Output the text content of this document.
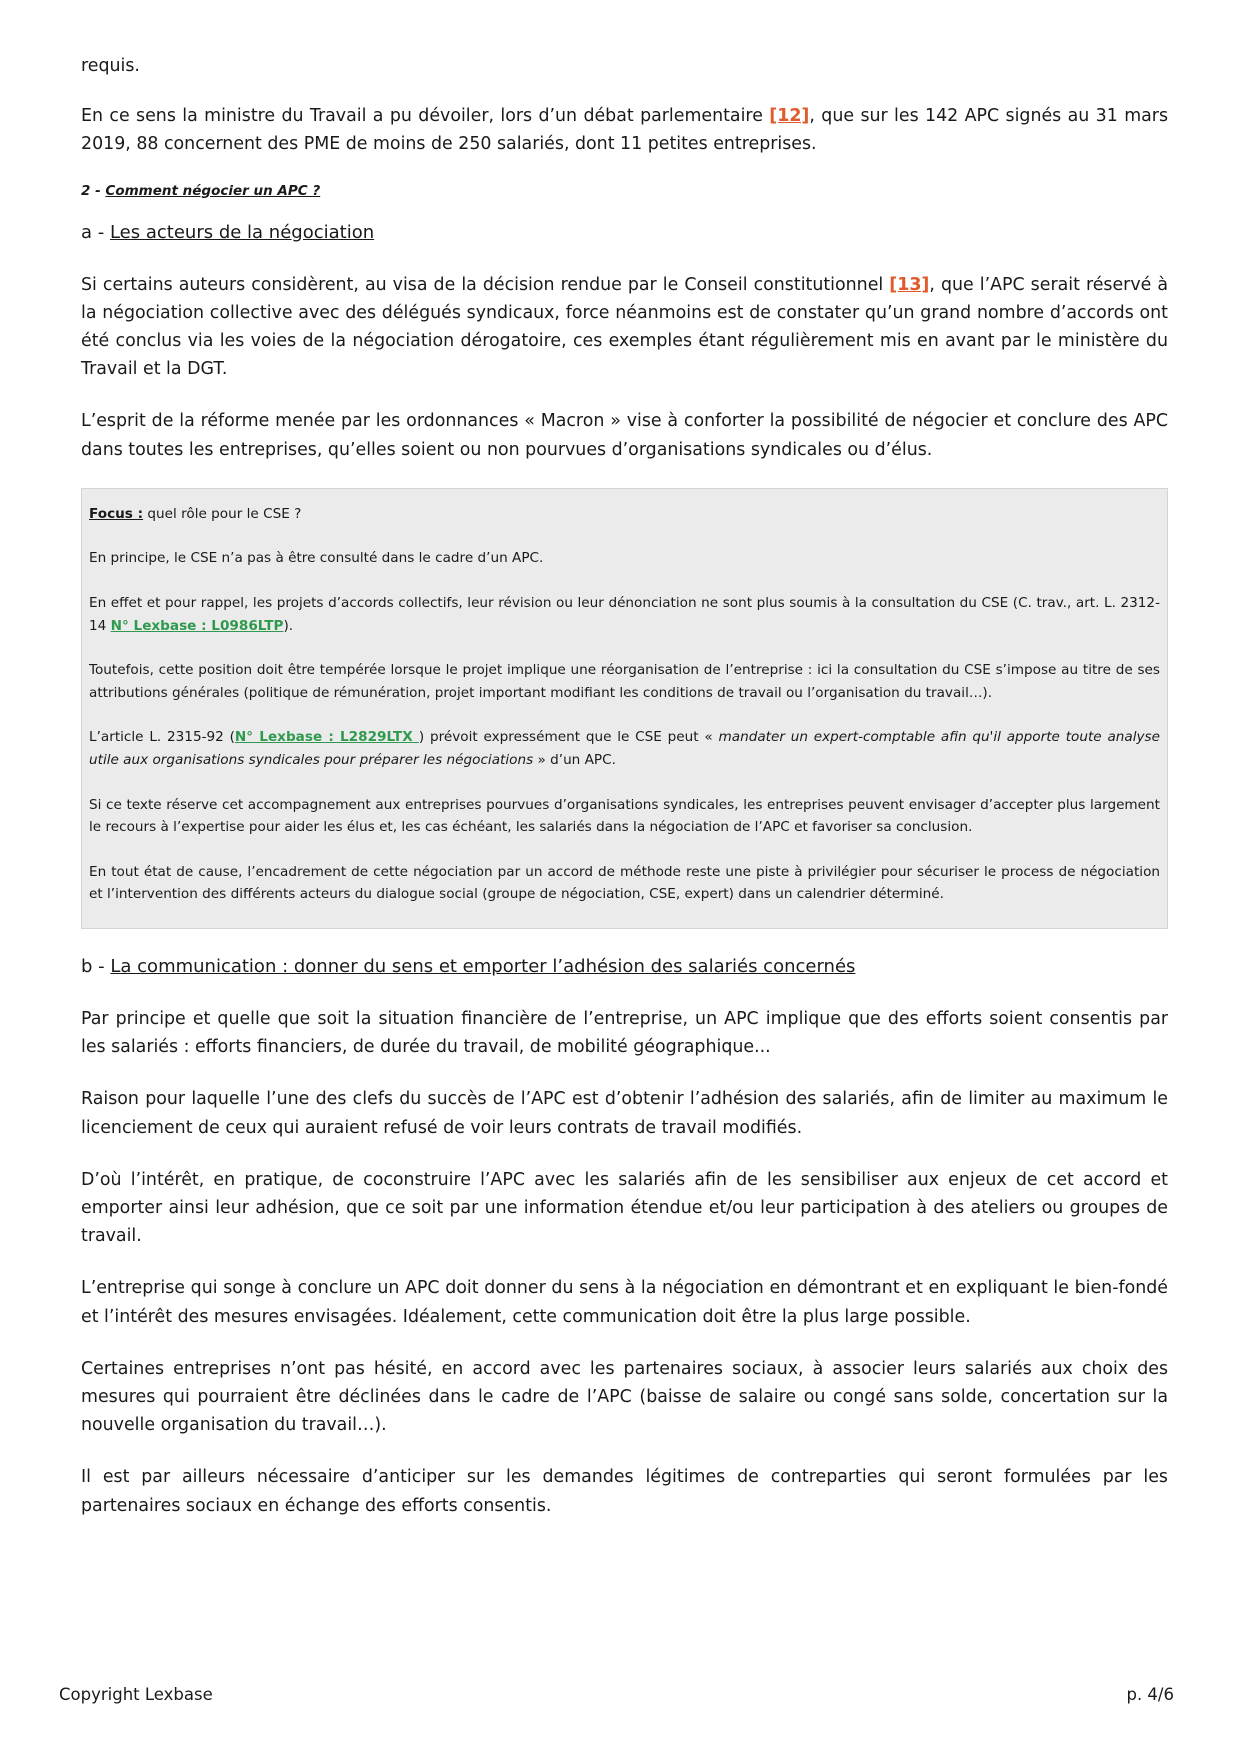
requis.

En ce sens la ministre du Travail a pu dévoiler, lors d’un débat parlementaire [12], que sur les 142 APC signés au 31 mars 2019, 88 concernent des PME de moins de 250 salariés, dont 11 petites entreprises.

2 - Comment négocier un APC ?
a - Les acteurs de la négociation

Si certains auteurs considèrent, au visa de la décision rendue par le Conseil constitutionnel [13], que l’APC serait réservé à la négociation collective avec des délégués syndicaux, force néanmoins est de constater qu’un grand nombre d’accords ont été conclus via les voies de la négociation dérogatoire, ces exemples étant régulièrement mis en avant par le ministère du Travail et la DGT.

L’esprit de la réforme menée par les ordonnances « Macron » vise à conforter la possibilité de négocier et conclure des APC dans toutes les entreprises, qu’elles soient ou non pourvues d’organisations syndicales ou d’élus.

Focus : quel rôle pour le CSE ?

En principe, le CSE n’a pas à être consulté dans le cadre d’un APC.

En effet et pour rappel, les projets d’accords collectifs, leur révision ou leur dénonciation ne sont plus soumis à la consultation du CSE (C. trav., art. L. 2312-14 N° Lexbase : L0986LTP).

Toutefois, cette position doit être tempérée lorsque le projet implique une réorganisation de l’entreprise : ici la consultation du CSE s’impose au titre de ses attributions générales (politique de rémunération, projet important modifiant les conditions de travail ou l’organisation du travail…).

L’article L. 2315-92 (N° Lexbase : L2829LTX ) prévoit expressément que le CSE peut « mandater un expert-comptable afin qu'il apporte toute analyse utile aux organisations syndicales pour préparer les négociations » d’un APC.

Si ce texte réserve cet accompagnement aux entreprises pourvues d’organisations syndicales, les entreprises peuvent envisager d’accepter plus largement le recours à l’expertise pour aider les élus et, les cas échéant, les salariés dans la négociation de l’APC et favoriser sa conclusion.

En tout état de cause, l’encadrement de cette négociation par un accord de méthode reste une piste à privilégier pour sécuriser le process de négociation et l’intervention des différents acteurs du dialogue social (groupe de négociation, CSE, expert) dans un calendrier déterminé.

b - La communication : donner du sens et emporter l’adhésion des salariés concernés

Par principe et quelle que soit la situation financière de l’entreprise, un APC implique que des efforts soient consentis par les salariés : efforts financiers, de durée du travail, de mobilité géographique...

Raison pour laquelle l’une des clefs du succès de l’APC est d’obtenir l’adhésion des salariés, afin de limiter au maximum le licenciement de ceux qui auraient refusé de voir leurs contrats de travail modifiés.

D’où l’intérêt, en pratique, de coconstruire l’APC avec les salariés afin de les sensibiliser aux enjeux de cet accord et emporter ainsi leur adhésion, que ce soit par une information étendue et/ou leur participation à des ateliers ou groupes de travail.

L’entreprise qui songe à conclure un APC doit donner du sens à la négociation en démontrant et en expliquant le bien-fondé et l’intérêt des mesures envisagées. Idéalement, cette communication doit être la plus large possible.

Certaines entreprises n’ont pas hésité, en accord avec les partenaires sociaux, à associer leurs salariés aux choix des mesures qui pourraient être déclinées dans le cadre de l’APC (baisse de salaire ou congé sans solde, concertation sur la nouvelle organisation du travail…).

Il est par ailleurs nécessaire d’anticiper sur les demandes légitimes de contreparties qui seront formulées par les partenaires sociaux en échange des efforts consentis.

Copyright Lexbase	p. 4/6
